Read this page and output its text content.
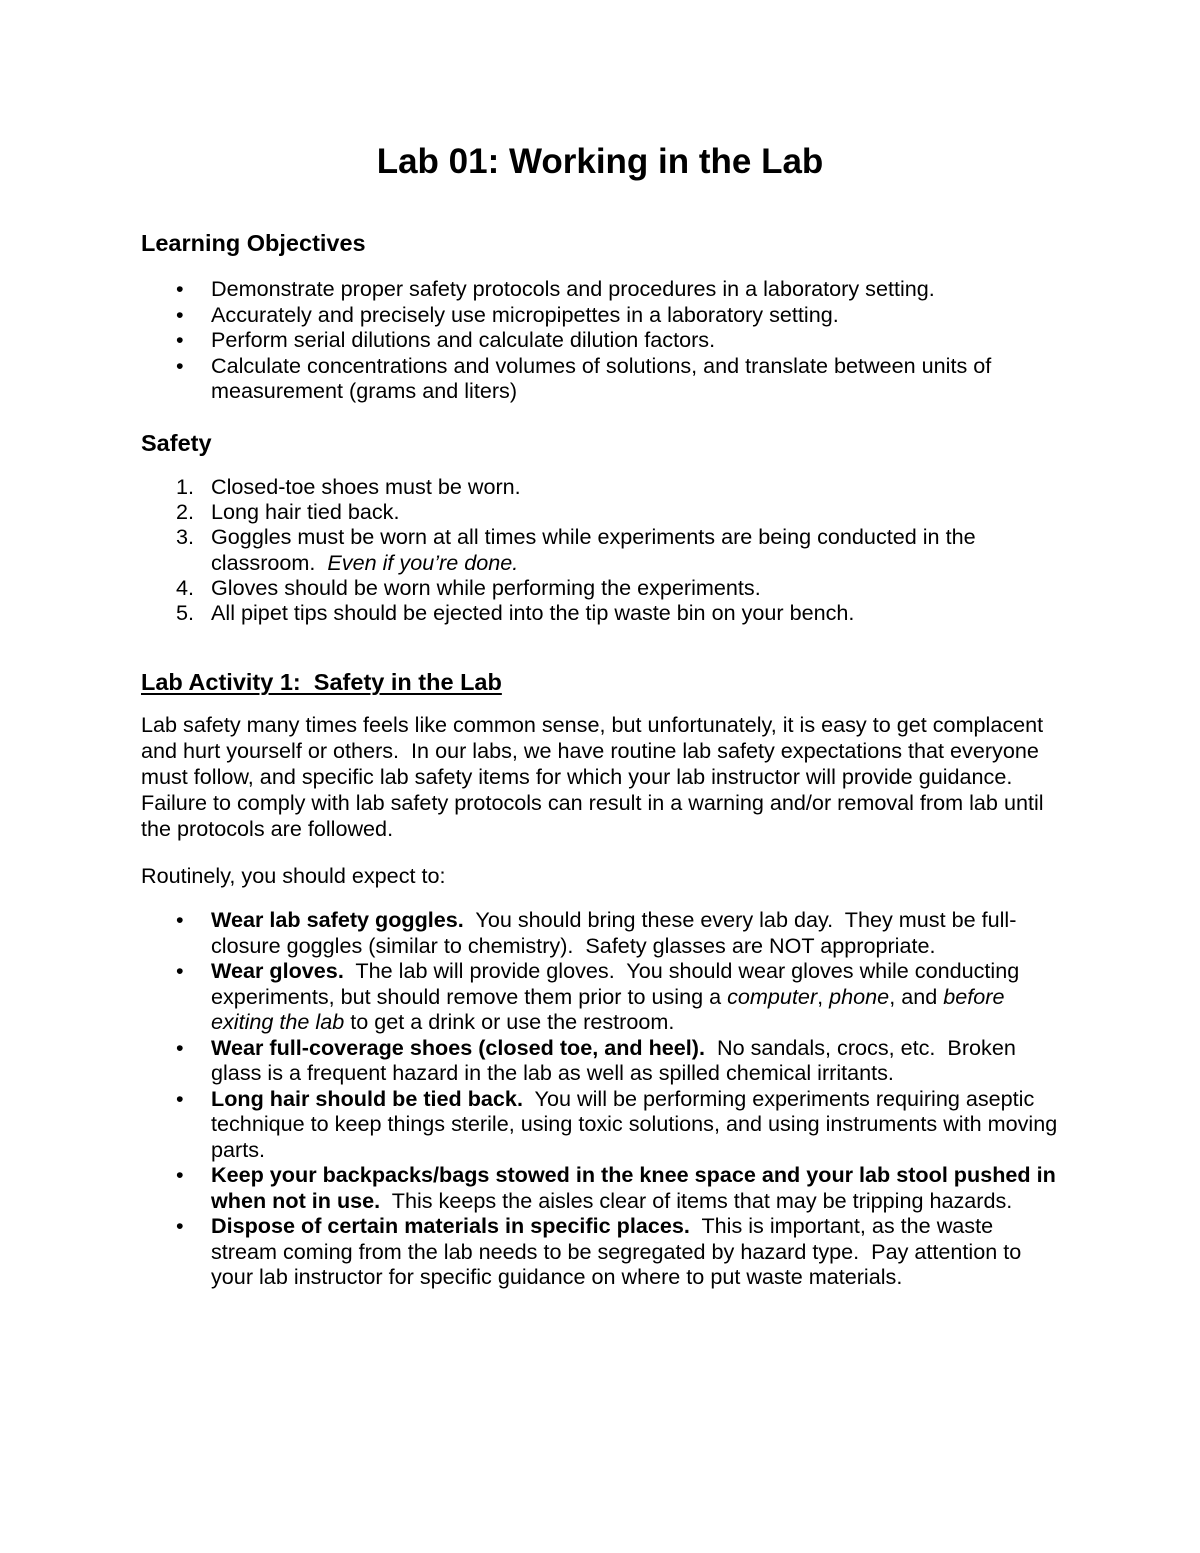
Lab 01: Working in the Lab
Learning Objectives
• Demonstrate proper safety protocols and procedures in a laboratory setting.
• Accurately and precisely use micropipettes in a laboratory setting.
• Perform serial dilutions and calculate dilution factors.
• Calculate concentrations and volumes of solutions, and translate between units of
measurement (grams and liters)
Safety
1. Closed-toe shoes must be worn.
2. Long hair tied back.
3. Goggles must be worn at all times while experiments are being conducted in the
classroom.  Even if you’re done.
4. Gloves should be worn while performing the experiments.
5. All pipet tips should be ejected into the tip waste bin on your bench.
Lab Activity 1:  Safety in the Lab
Lab safety many times feels like common sense, but unfortunately, it is easy to get complacent
and hurt yourself or others.  In our labs, we have routine lab safety expectations that everyone
must follow, and specific lab safety items for which your lab instructor will provide guidance.
Failure to comply with lab safety protocols can result in a warning and/or removal from lab until
the protocols are followed.
Routinely, you should expect to:
• Wear lab safety goggles.  You should bring these every lab day.  They must be full-
closure goggles (similar to chemistry).  Safety glasses are NOT appropriate.
• Wear gloves.  The lab will provide gloves.  You should wear gloves while conducting
experiments, but should remove them prior to using a computer, phone, and before
exiting the lab to get a drink or use the restroom.
• Wear full-coverage shoes (closed toe, and heel).  No sandals, crocs, etc.  Broken
glass is a frequent hazard in the lab as well as spilled chemical irritants.
• Long hair should be tied back.  You will be performing experiments requiring aseptic
technique to keep things sterile, using toxic solutions, and using instruments with moving
parts.
• Keep your backpacks/bags stowed in the knee space and your lab stool pushed in
when not in use.  This keeps the aisles clear of items that may be tripping hazards.
• Dispose of certain materials in specific places.  This is important, as the waste
stream coming from the lab needs to be segregated by hazard type.  Pay attention to
your lab instructor for specific guidance on where to put waste materials.
